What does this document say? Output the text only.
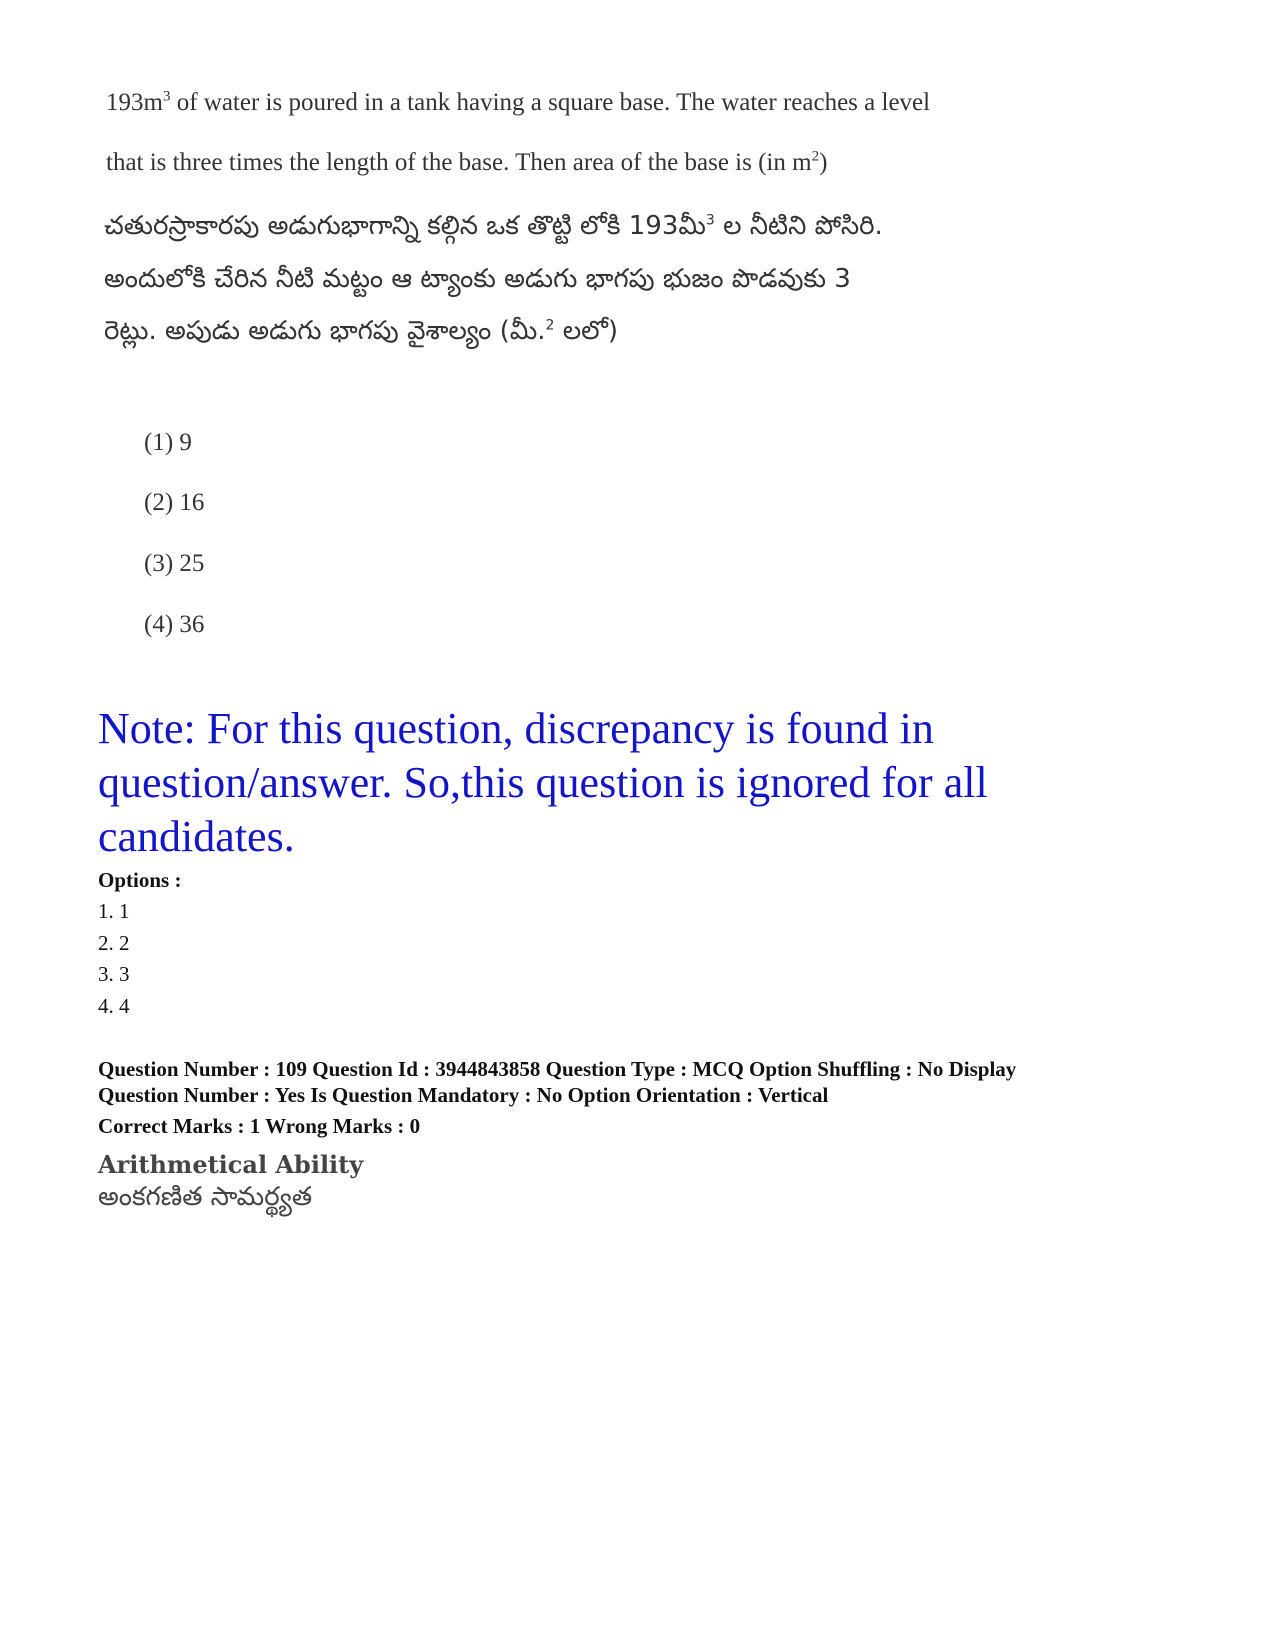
$193m^3$ of water is poured in a tank having a square base. The water reaches a level
that is three times the length of the base. Then area of the base is (in $m^2$)
చతురస్రాకారపు అడుగుభాగాన్ని కల్గిన ఒక తొట్టి లోకి 193మీ$^3$ ల నీటిని పోసిరి.
అందులోకి చేరిన నీటి మట్టం ఆ ట్యాంకు అడుగు భాగపు భుజం పొడవుకు 3
రెట్లు. అపుడు అడుగు భాగపు వైశాల్యం (మీ.$^2$ లలో)
(1) 9
(2) 16
(3) 25
(4) 36
Note: For this question, discrepancy is found in question/answer. So,this question is ignored for all candidates.
Options :
1. 1
2. 2
3. 3
4. 4
Question Number : 109 Question Id : 3944843858 Question Type : MCQ Option Shuffling : No Display
Question Number : Yes Is Question Mandatory : No Option Orientation : Vertical
Correct Marks : 1 Wrong Marks : 0
Arithmetical Ability
అంకగణిత సామర్థ్యత
